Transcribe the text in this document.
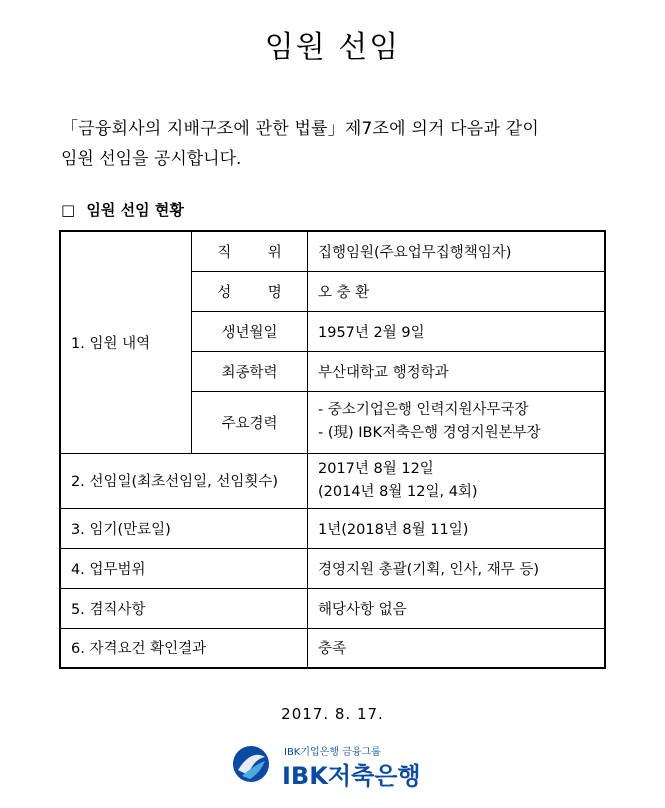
임원 선임
「금융회사의 지배구조에 관한 법률」제7조에 의거 다음과 같이
임원 선임을 공시합니다.
□ 임원 선임 현황
1. 임원 내역	직 위	집행임원(주요업무집행책임자)
	성 명	오 충 환
	생년월일	1957년 2월 9일
	최종학력	부산대학교 행정학과
	주요경력	- 중소기업은행 인력지원사무국장
- (現) IBK저축은행 경영지원본부장

2. 선임일(최초선임일, 선임횟수)		2017년 8월 12일
(2014년 8월 12일, 4회)

3. 임기(만료일)		1년(2018년 8월 11일)
4. 업무범위		경영지원 총괄(기획, 인사, 재무 등)
5. 겸직사항		해당사항 없음
6. 자격요건 확인결과		충족
2017. 8. 17.
IBK기업은행 금융그룹
IBK저축은행
